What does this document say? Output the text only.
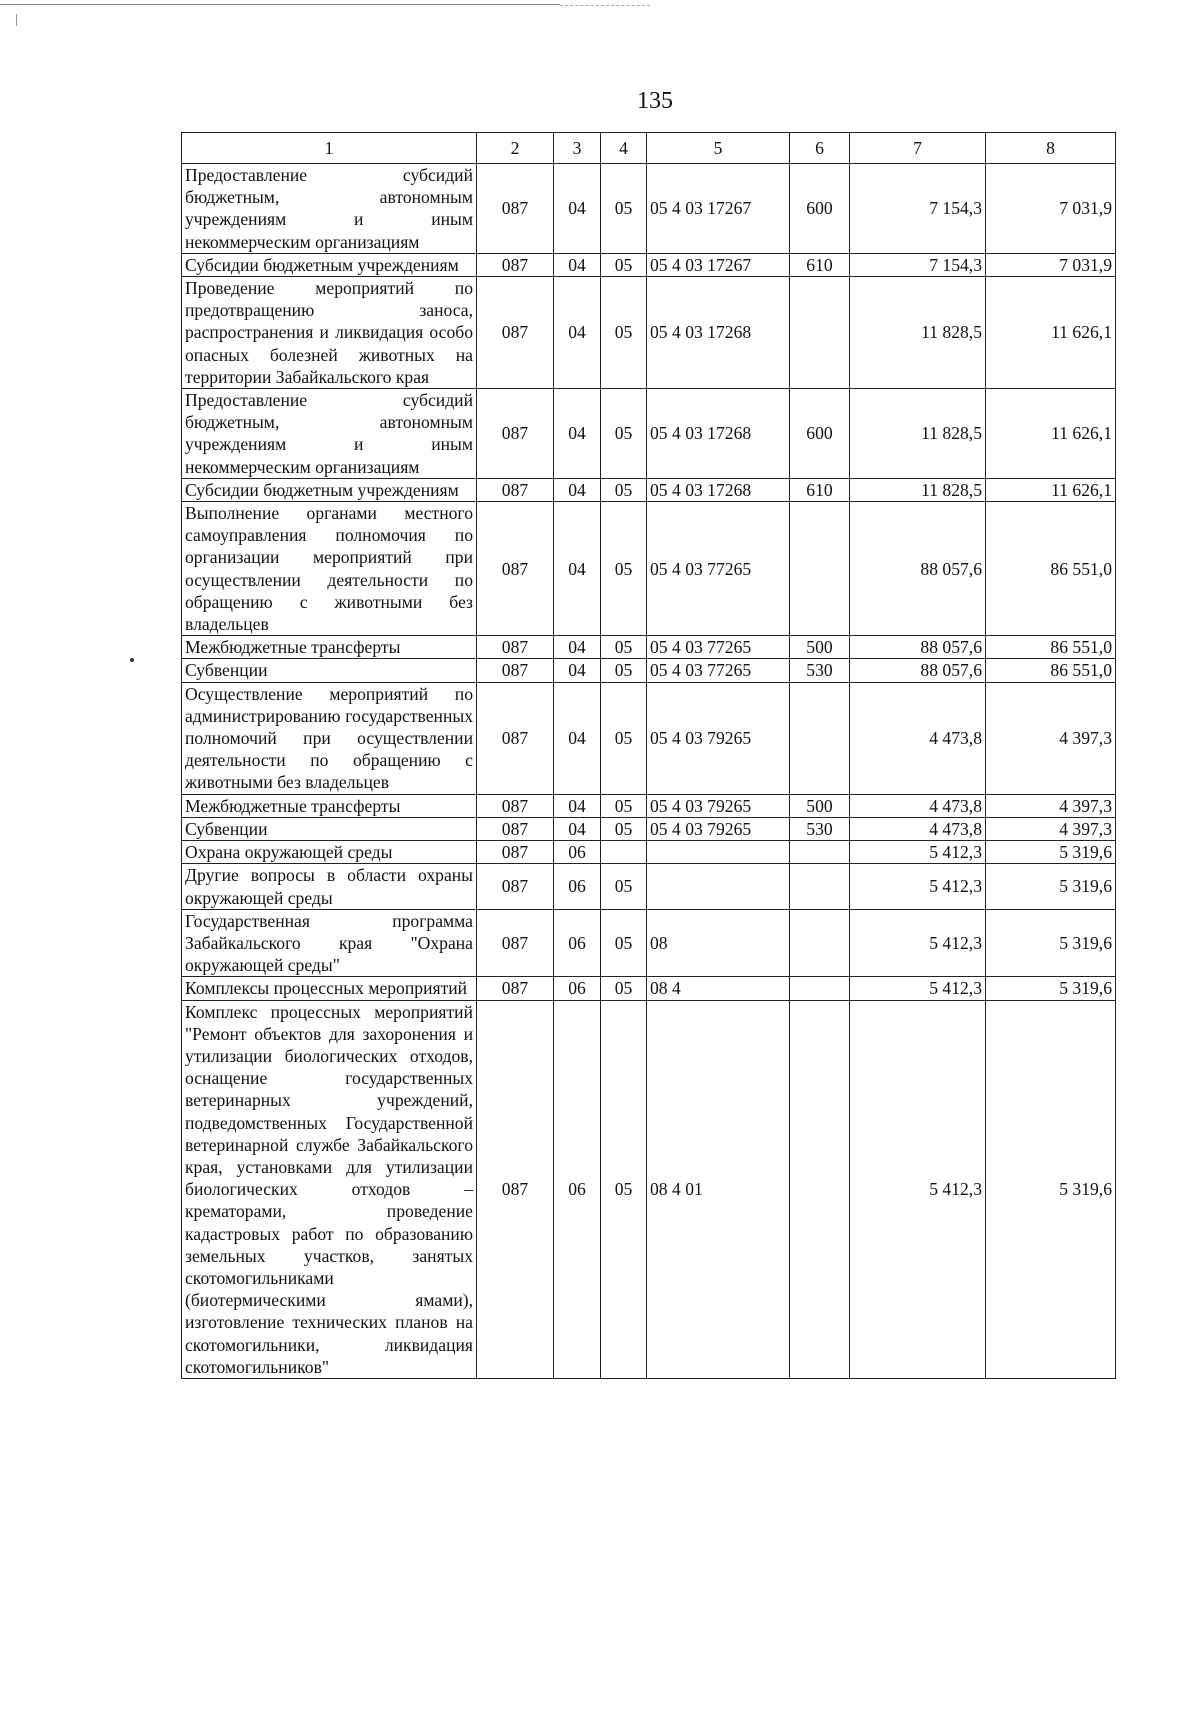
135
1	2	3	4	5	6	7	8
Предоставление субсидий бюджетным, автономным учреждениям и иным некоммерческим организациям	087	04	05	05 4 03 17267	600	7 154,3	7 031,9
Субсидии бюджетным учреждениям	087	04	05	05 4 03 17267	610	7 154,3	7 031,9
Проведение мероприятий по предотвращению заноса, распространения и ликвидация особо опасных болезней животных на территории Забайкальского края	087	04	05	05 4 03 17268		11 828,5	11 626,1
Предоставление субсидий бюджетным, автономным учреждениям и иным некоммерческим организациям	087	04	05	05 4 03 17268	600	11 828,5	11 626,1
Субсидии бюджетным учреждениям	087	04	05	05 4 03 17268	610	11 828,5	11 626,1
Выполнение органами местного самоуправления полномочия по организации мероприятий при осуществлении деятельности по обращению с животными без владельцев	087	04	05	05 4 03 77265		88 057,6	86 551,0
Межбюджетные трансферты	087	04	05	05 4 03 77265	500	88 057,6	86 551,0
Субвенции	087	04	05	05 4 03 77265	530	88 057,6	86 551,0
Осуществление мероприятий по администрированию государственных полномочий при осуществлении деятельности по обращению с животными без владельцев	087	04	05	05 4 03 79265		4 473,8	4 397,3
Межбюджетные трансферты	087	04	05	05 4 03 79265	500	4 473,8	4 397,3
Субвенции	087	04	05	05 4 03 79265	530	4 473,8	4 397,3
Охрана окружающей среды	087	06				5 412,3	5 319,6
Другие вопросы в области охраны окружающей среды	087	06	05			5 412,3	5 319,6
Государственная программа Забайкальского края "Охрана окружающей среды"	087	06	05	08		5 412,3	5 319,6
Комплексы процессных мероприятий	087	06	05	08 4		5 412,3	5 319,6
Комплекс процессных мероприятий "Ремонт объектов для захоронения и утилизации биологических отходов, оснащение государственных ветеринарных учреждений, подведомственных Государственной ветеринарной службе Забайкальского края, установками для утилизации биологических отходов – крематорами, проведение кадастровых работ по образованию земельных участков, занятых скотомогильниками (биотермическими ямами), изготовление технических планов на скотомогильники, ликвидация скотомогильников"	087	06	05	08 4 01		5 412,3	5 319,6
